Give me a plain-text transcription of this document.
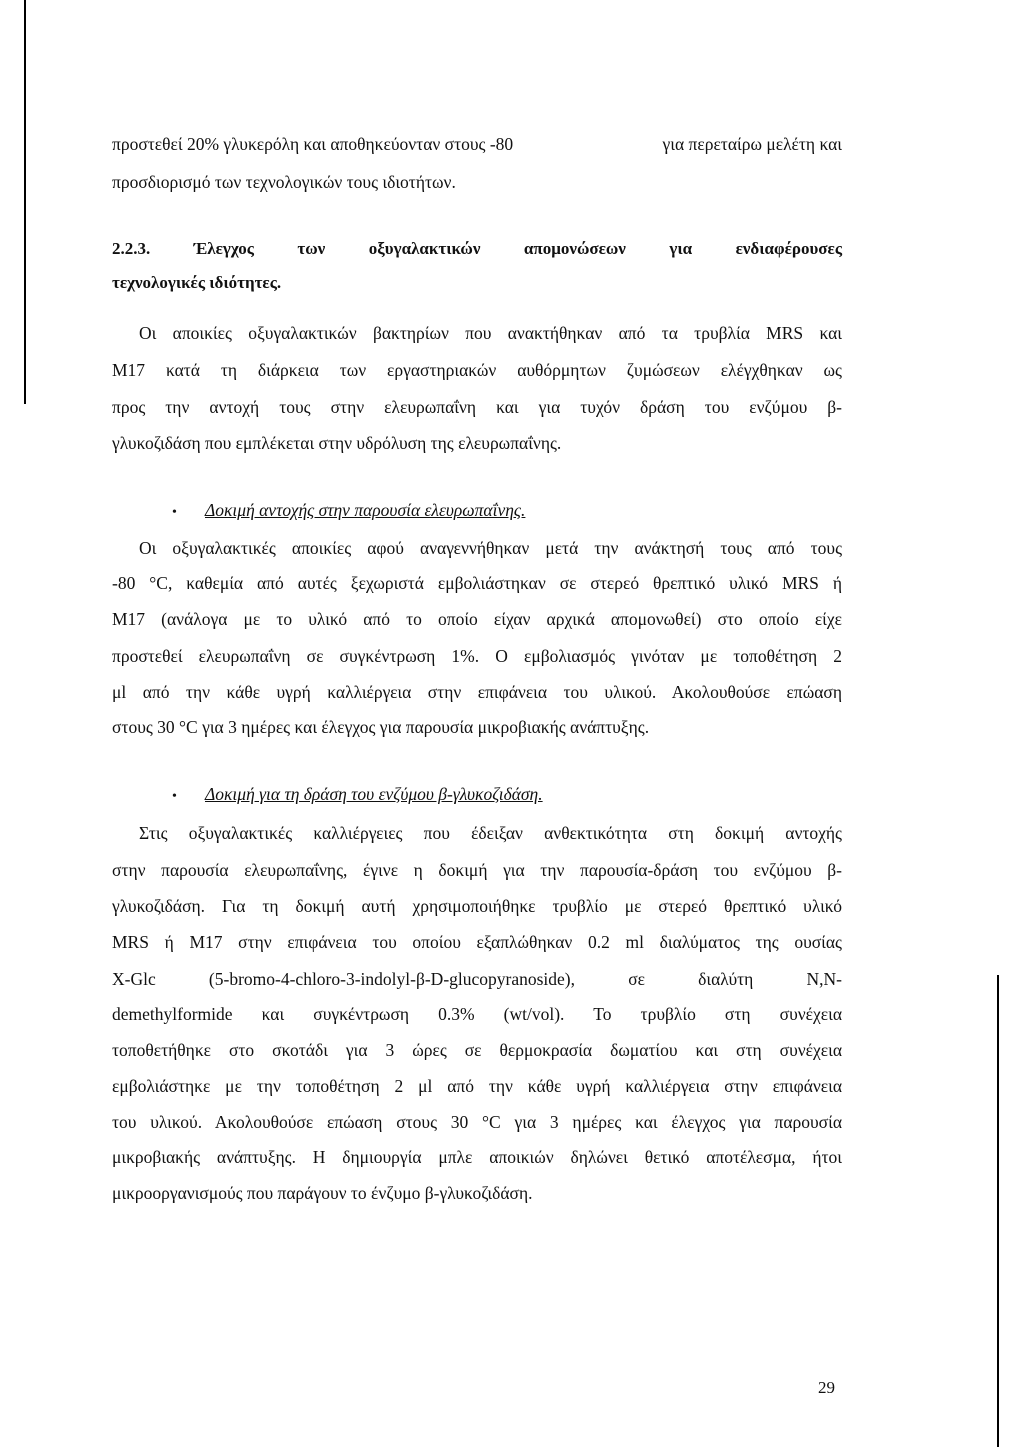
προστεθεί 20% γλυκερόλη και αποθηκεύονταν στους -80	για περεταίρω μελέτη και
προσδιορισμό των τεχνολογικών τους ιδιοτήτων.
2.2.3. Έλεγχος των οξυγαλακτικών απομονώσεων για ενδιαφέρουσες
τεχνολογικές ιδιότητες.
Οι αποικίες οξυγαλακτικών βακτηρίων που ανακτήθηκαν από τα τρυβλία MRS και
M17 κατά τη διάρκεια των εργαστηριακών αυθόρμητων ζυμώσεων ελέγχθηκαν ως
προς την αντοχή τους στην ελευρωπαΐνη και για τυχόν δράση του ενζύμου β-
γλυκοζιδάση που εμπλέκεται στην υδρόλυση της ελευρωπαΐνης.
• Δοκιμή αντοχής στην παρουσία ελευρωπαΐνης.
Οι οξυγαλακτικές αποικίες αφού αναγεννήθηκαν μετά την ανάκτησή τους από τους
-80 °C, καθεμία από αυτές ξεχωριστά εμβολιάστηκαν σε στερεό θρεπτικό υλικό MRS ή
M17 (ανάλογα με το υλικό από το οποίο είχαν αρχικά απομονωθεί) στο οποίο είχε
προστεθεί ελευρωπαΐνη σε συγκέντρωση 1%. Ο εμβολιασμός γινόταν με τοποθέτηση 2
μl από την κάθε υγρή καλλιέργεια στην επιφάνεια του υλικού. Ακολουθούσε επώαση
στους 30 °C για 3 ημέρες και έλεγχος για παρουσία μικροβιακής ανάπτυξης.
• Δοκιμή για τη δράση του ενζύμου β-γλυκοζιδάση.
Στις οξυγαλακτικές καλλιέργειες που έδειξαν ανθεκτικότητα στη δοκιμή αντοχής
στην παρουσία ελευρωπαΐνης, έγινε η δοκιμή για την παρουσία-δράση του ενζύμου β-
γλυκοζιδάση. Για τη δοκιμή αυτή χρησιμοποιήθηκε τρυβλίο με στερεό θρεπτικό υλικό
MRS ή M17 στην επιφάνεια του οποίου εξαπλώθηκαν 0.2 ml διαλύματος της ουσίας
X-Glc (5-bromo-4-chloro-3-indolyl-β-D-glucopyranoside), σε διαλύτη N,N-
demethylformide και συγκέντρωση 0.3% (wt/vol). Το τρυβλίο στη συνέχεια
τοποθετήθηκε στο σκοτάδι για 3 ώρες σε θερμοκρασία δωματίου και στη συνέχεια
εμβολιάστηκε με την τοποθέτηση 2 μl από την κάθε υγρή καλλιέργεια στην επιφάνεια
του υλικού. Ακολουθούσε επώαση στους 30 °C για 3 ημέρες και έλεγχος για παρουσία
μικροβιακής ανάπτυξης. Η δημιουργία μπλε αποικιών δηλώνει θετικό αποτέλεσμα, ήτοι
μικροοργανισμούς που παράγουν το ένζυμο β-γλυκοζιδάση.
29
